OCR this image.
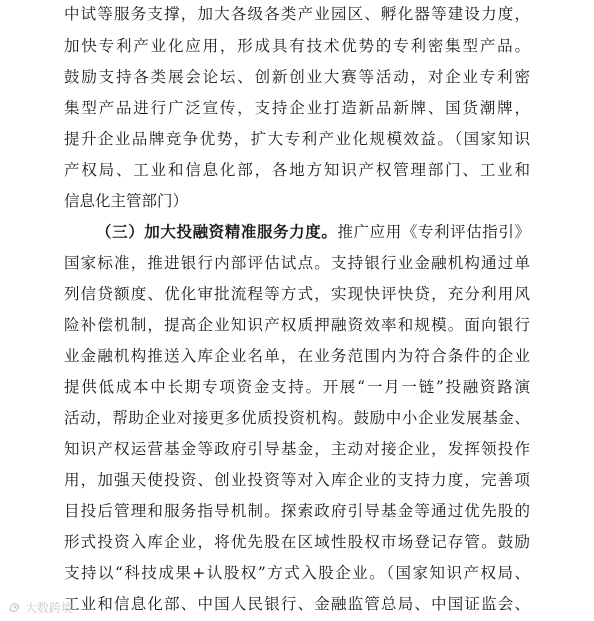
中试等服务支撑，加大各级各类产业园区、孵化器等建设力度，
加快专利产业化应用，形成具有技术优势的专利密集型产品。
鼓励支持各类展会论坛、创新创业大赛等活动，对企业专利密
集型产品进行广泛宣传，支持企业打造新品新牌、国货潮牌，
提升企业品牌竞争优势，扩大专利产业化规模效益。（国家知识
产权局、工业和信息化部，各地方知识产权管理部门、工业和
信息化主管部门）
（三）加大投融资精准服务力度。推广应用《专利评估指引》
国家标准，推进银行内部评估试点。支持银行业金融机构通过单
列信贷额度、优化审批流程等方式，实现快评快贷，充分利用风
险补偿机制，提高企业知识产权质押融资效率和规模。面向银行
业金融机构推送入库企业名单，在业务范围内为符合条件的企业
提供低成本中长期专项资金支持。开展“一月一链”投融资路演
活动，帮助企业对接更多优质投资机构。鼓励中小企业发展基金、
知识产权运营基金等政府引导基金，主动对接企业，发挥领投作
用，加强天使投资、创业投资等对入库企业的支持力度，完善项
目投后管理和服务指导机制。探索政府引导基金等通过优先股的
形式投资入库企业，将优先股在区域性股权市场登记存管。鼓励
支持以“科技成果+认股权”方式入股企业。（国家知识产权局、
工业和信息化部、中国人民银行、金融监管总局、中国证监会、
大数跨境
